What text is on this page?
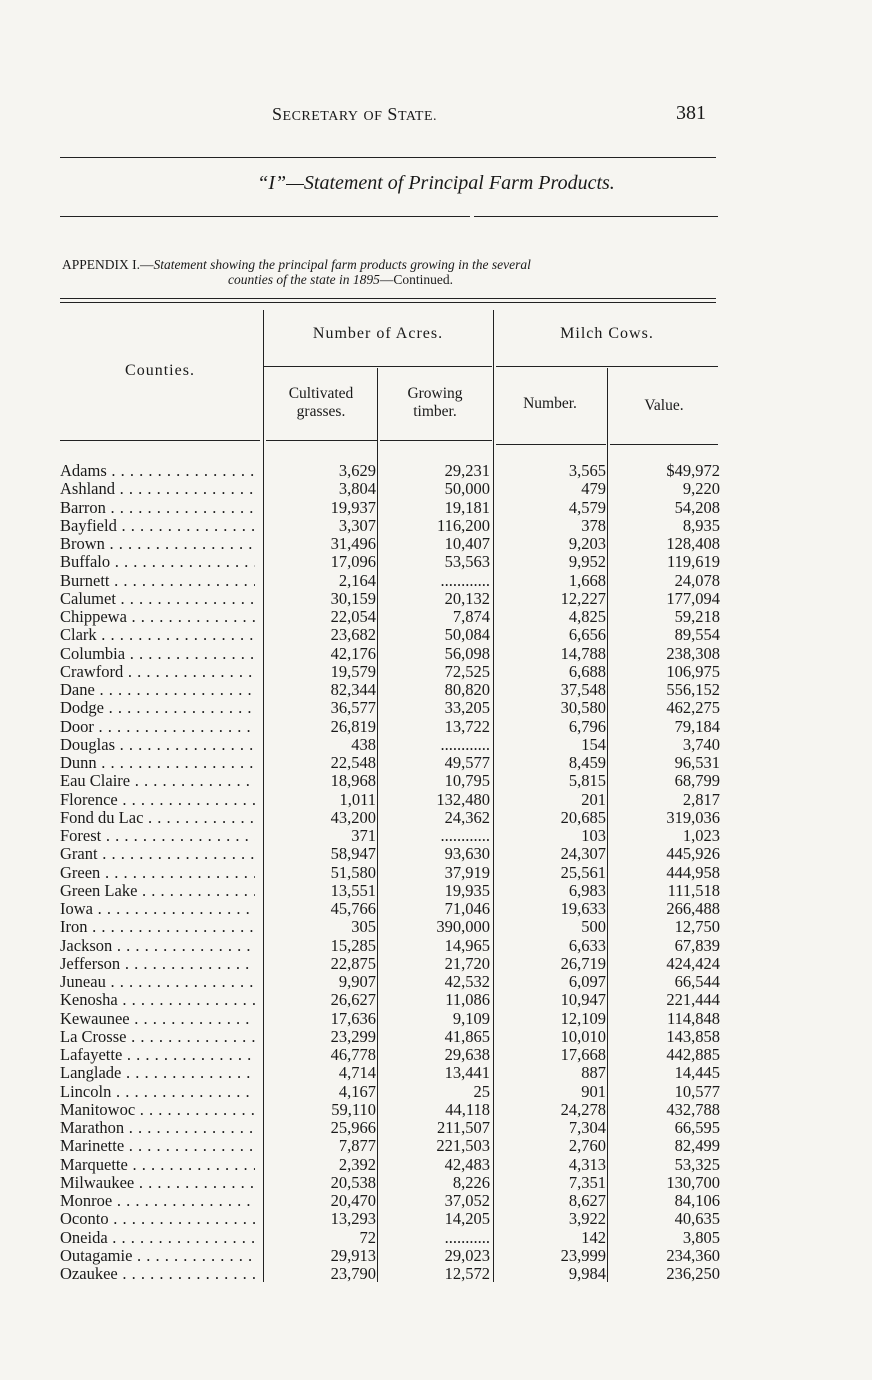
SECRETARY OF STATE.	381
“I”—Statement of Principal Farm Products.
APPENDIX I.—Statement showing the principal farm products growing in the several
counties of the state in 1895—Continued.
Counties.
Number of Acres.	Milch Cows.
Cultivated
grasses.
Growing
timber.	Number.	Value.
Adams . . .	3,629	29,231	3,565	$49,972
Ashland . . .	3,804	50,000	479	9,220
Barron . . .	19,937	19,181	4,579	54,208
Bayfield . . .	3,307	116,200	378	8,935
Brown . . .	31,496	10,407	9,203	128,408
Buffalo . . .	17,096	53,563	9,952	119,619
Burnett . . .	2,164	............	1,668	24,078
Calumet . . .	30,159	20,132	12,227	177,094
Chippewa . . .	22,054	7,874	4,825	59,218
Clark . . .	23,682	50,084	6,656	89,554
Columbia . . .	42,176	56,098	14,788	238,308
Crawford . . .	19,579	72,525	6,688	106,975
Dane . . .	82,344	80,820	37,548	556,152
Dodge . . .	36,577	33,205	30,580	462,275
Door . . .	26,819	13,722	6,796	79,184
Douglas . . .	438	............	154	3,740
Dunn . . .	22,548	49,577	8,459	96,531
Eau Claire . . .	18,968	10,795	5,815	68,799
Florence . . .	1,011	132,480	201	2,817
Fond du Lac . . .	43,200	24,362	20,685	319,036
Forest . . .	371	............	103	1,023
Grant . . .	58,947	93,630	24,307	445,926
Green . . .	51,580	37,919	25,561	444,958
Green Lake . . .	13,551	19,935	6,983	111,518
Iowa . . .	45,766	71,046	19,633	266,488
Iron . . .	305	390,000	500	12,750
Jackson . . .	15,285	14,965	6,633	67,839
Jefferson . . .	22,875	21,720	26,719	424,424
Juneau . . .	9,907	42,532	6,097	66,544
Kenosha . . .	26,627	11,086	10,947	221,444
Kewaunee . . .	17,636	9,109	12,109	114,848
La Crosse . . .	23,299	41,865	10,010	143,858
Lafayette . . .	46,778	29,638	17,668	442,885
Langlade . . .	4,714	13,441	887	14,445
Lincoln . . .	4,167	25	901	10,577
Manitowoc . . .	59,110	44,118	24,278	432,788
Marathon . . .	25,966	211,507	7,304	66,595
Marinette . . .	7,877	221,503	2,760	82,499
Marquette . . .	2,392	42,483	4,313	53,325
Milwaukee . . .	20,538	8,226	7,351	130,700
Monroe . . .	20,470	37,052	8,627	84,106
Oconto . . .	13,293	14,205	3,922	40,635
Oneida . . .	72	...........	142	3,805
Outagamie . . .	29,913	29,023	23,999	234,360
Ozaukee . . .	23,790	12,572	9,984	236,250
